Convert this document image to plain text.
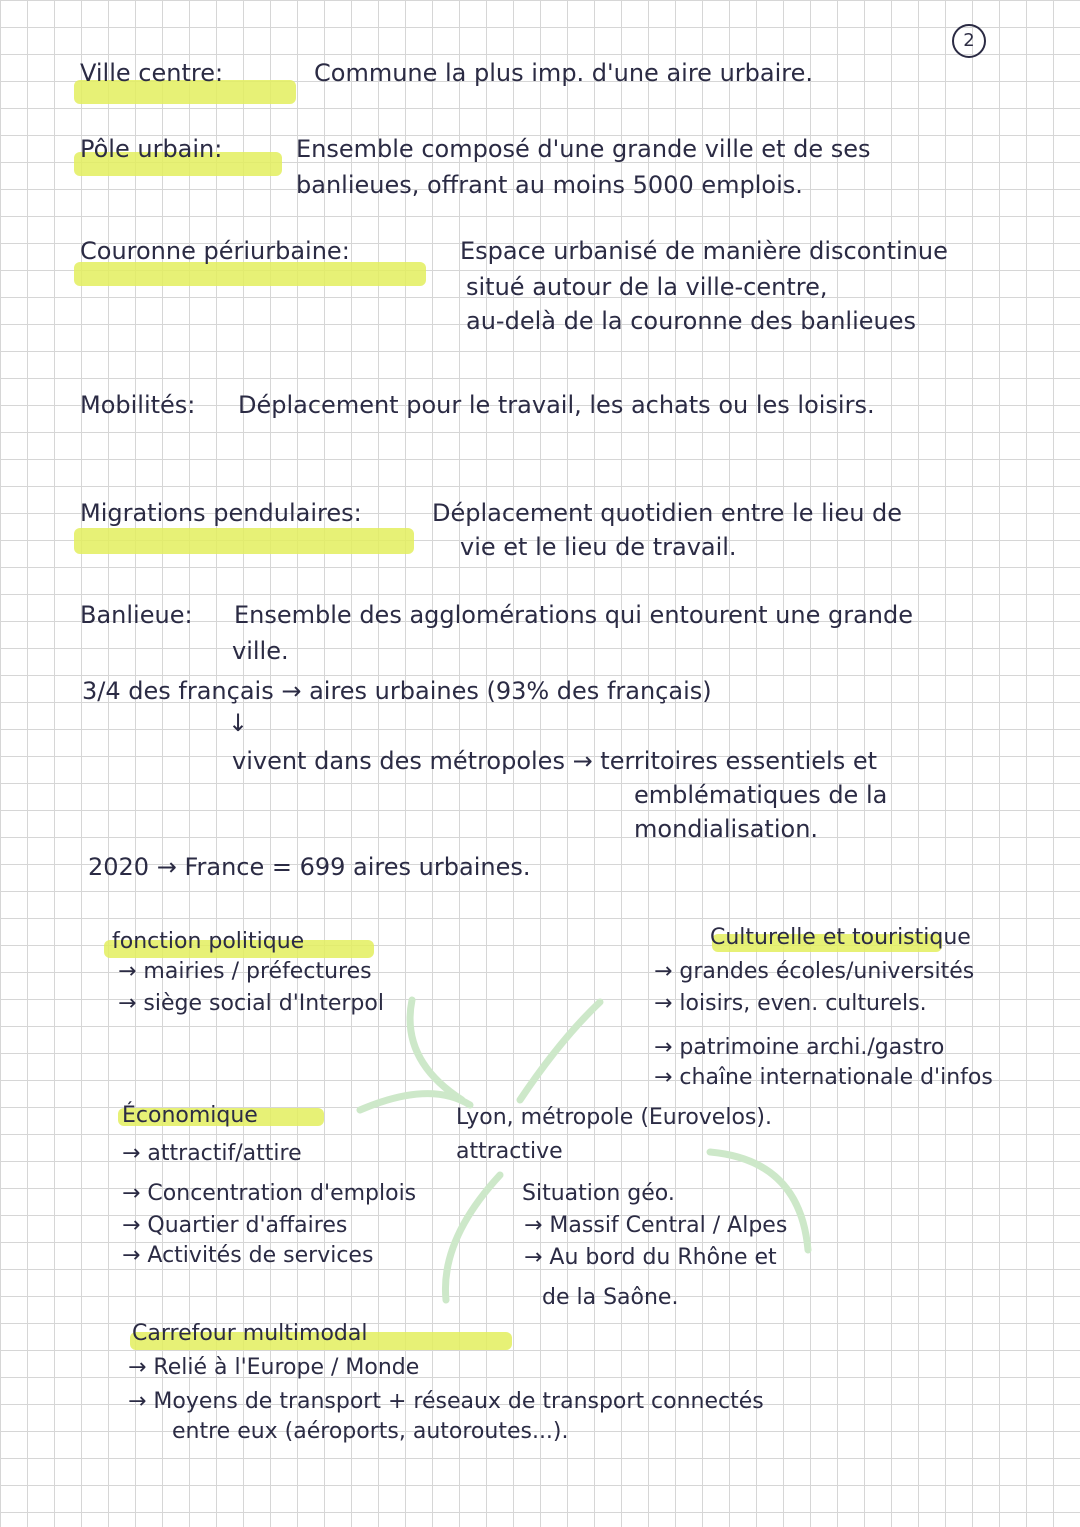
2
Ville centre:	Commune la plus imp. d'une aire urbaire.
Pôle urbain:	Ensemble composé d'une grande ville et de ses
banlieues, offrant au moins 5000 emplois.
Couronne périurbaine:	Espace urbanisé de manière discontinue
situé autour de la ville-centre,
au-delà de la couronne des banlieues
Mobilités: Déplacement pour le travail, les achats ou les loisirs.
Migrations pendulaires:	Déplacement quotidien entre le lieu de
vie et le lieu de travail.
Banlieue: Ensemble des agglomérations qui entourent une grande
ville.
3/4 des français → aires urbaines (93% des français)
↓
vivent dans des métropoles → territoires essentiels et
emblématiques de la
mondialisation.
2020 → France = 699 aires urbaines.
fonction politique
→ mairies / préfectures
→ siège social d'Interpol
Culturelle et touristique
→ grandes écoles/universités
→ loisirs, even. culturels.
→ patrimoine archi./gastro
→ chaîne internationale d'infos
Lyon, métropole (Eurovelos).
attractive
Économique
→ attractif/attire
→ Concentration d'emplois
→ Quartier d'affaires
→ Activités de services
Situation géo.
→ Massif Central / Alpes
→ Au bord du Rhône et
de la Saône.
Carrefour multimodal
→ Relié à l'Europe / Monde
→ Moyens de transport + réseaux de transport connectés
entre eux (aéroports, autoroutes...).
